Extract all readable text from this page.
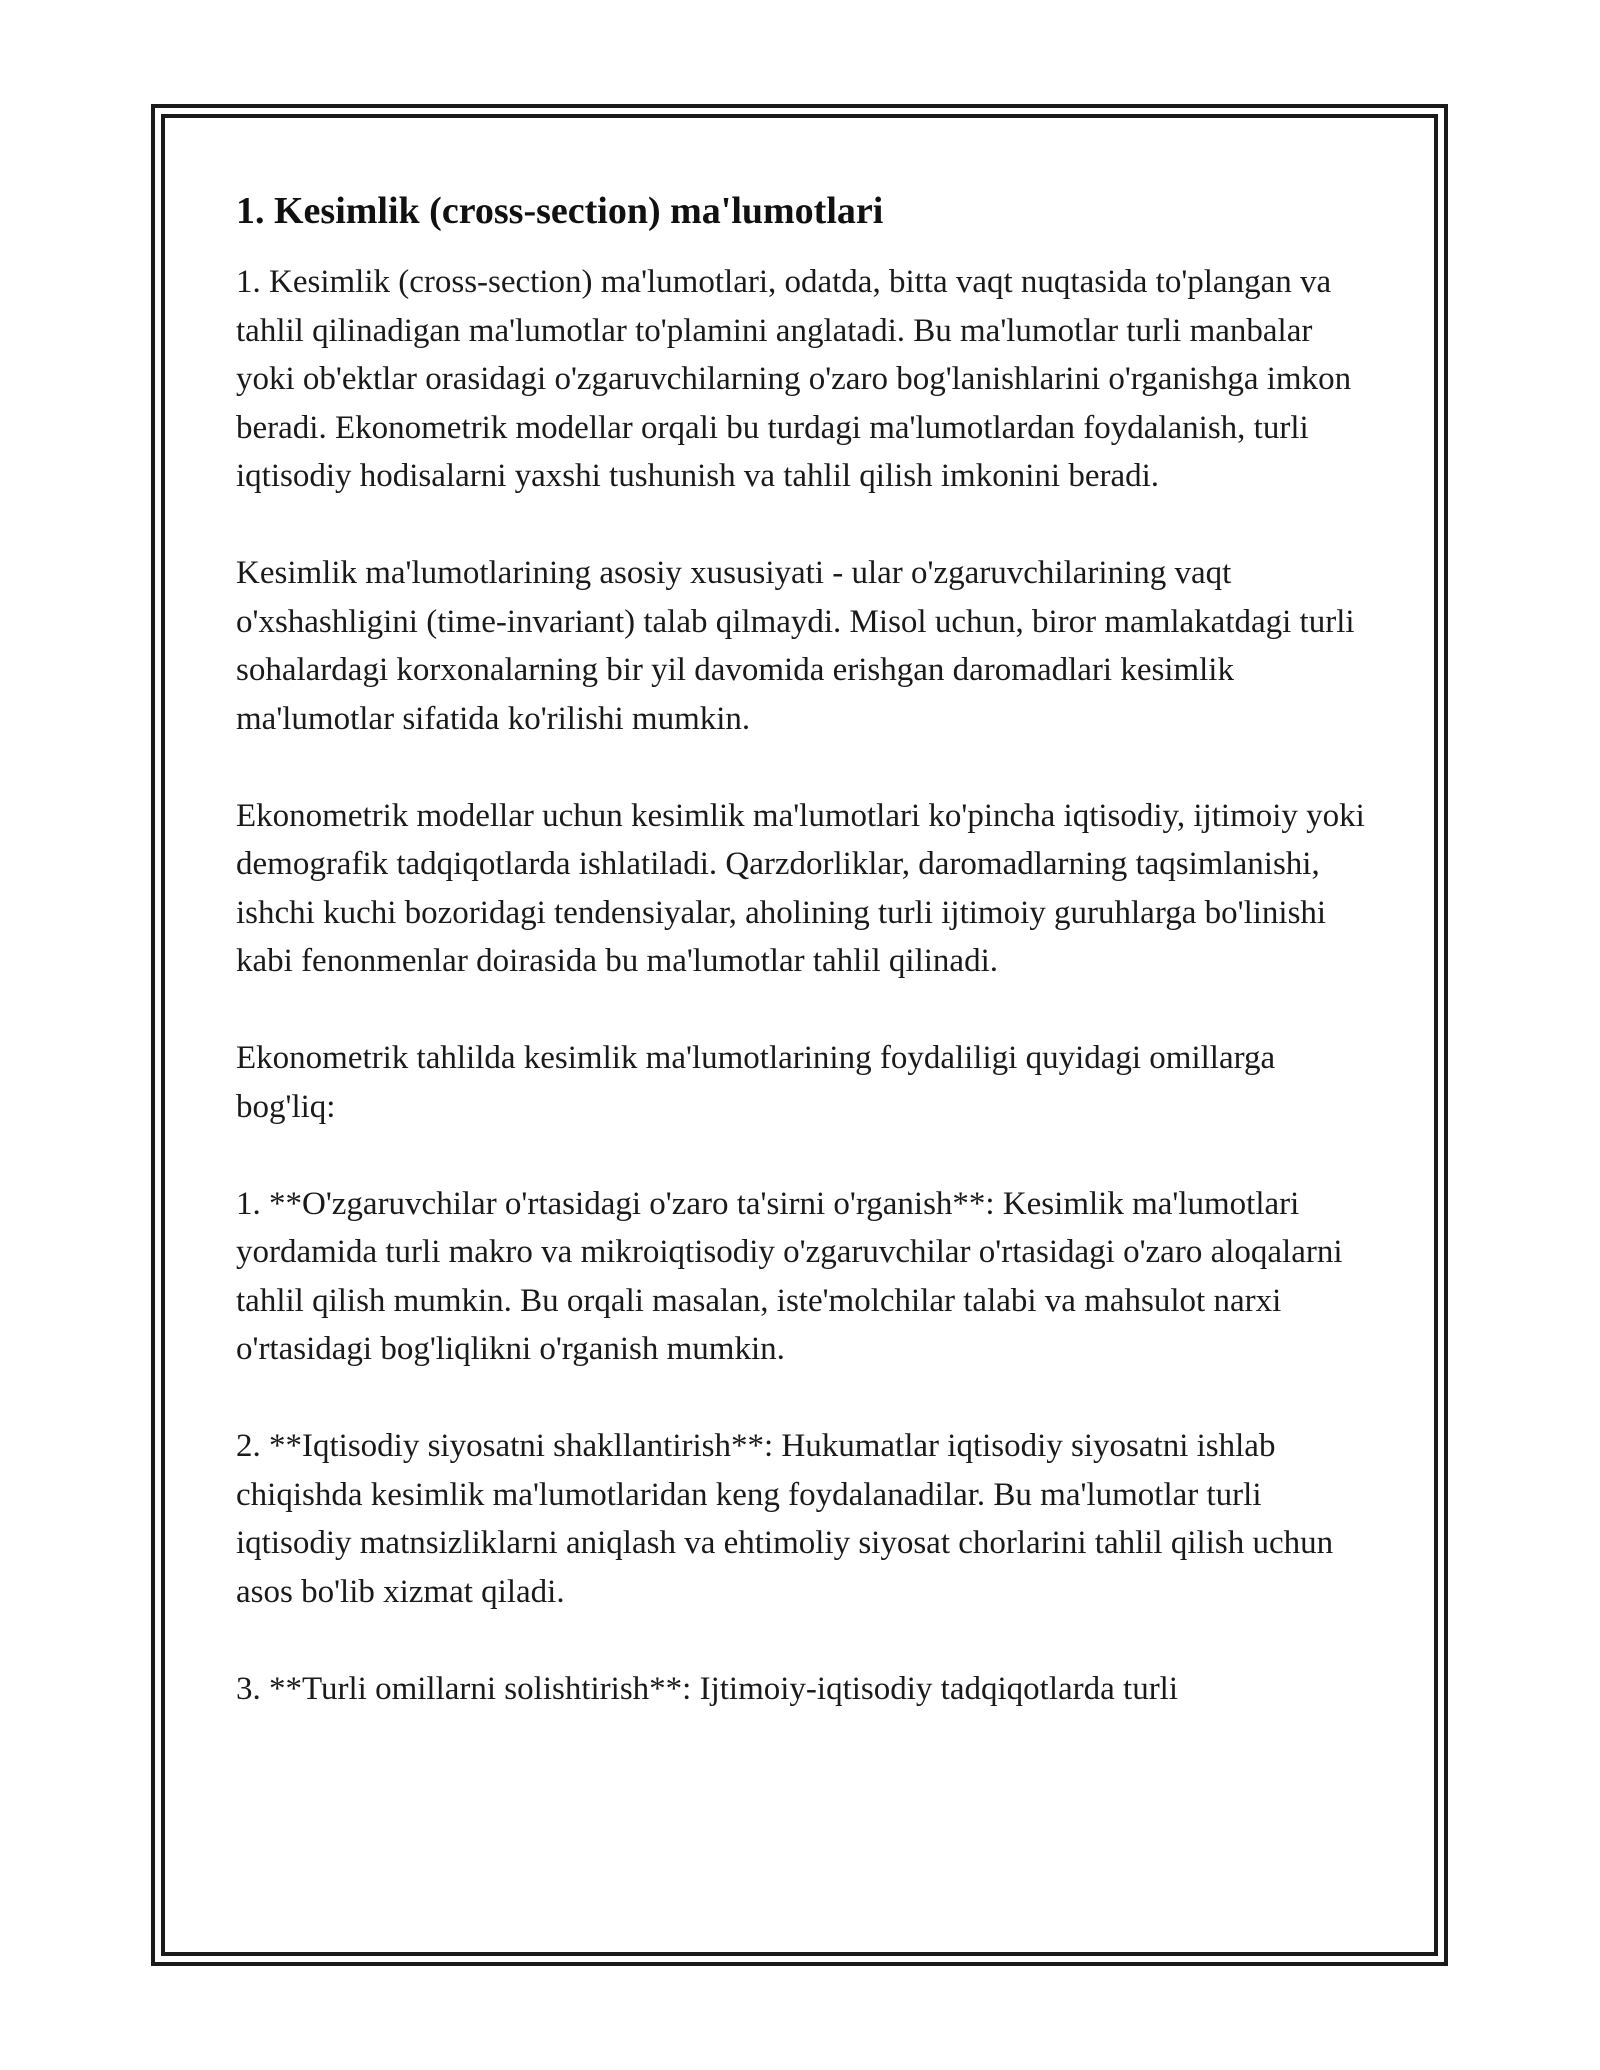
1. Kesimlik (cross-section) ma'lumotlari

1. Kesimlik (cross-section) ma'lumotlari, odatda, bitta vaqt nuqtasida to'plangan va tahlil qilinadigan ma'lumotlar to'plamini anglatadi. Bu ma'lumotlar turli manbalar yoki ob'ektlar orasidagi o'zgaruvchilarning o'zaro bog'lanishlarini o'rganishga imkon beradi. Ekonometrik modellar orqali bu turdagi ma'lumotlardan foydalanish, turli iqtisodiy hodisalarni yaxshi tushunish va tahlil qilish imkonini beradi.

Kesimlik ma'lumotlarining asosiy xususiyati - ular o'zgaruvchilarining vaqt o'xshashligini (time-invariant) talab qilmaydi. Misol uchun, biror mamlakatdagi turli sohalardagi korxonalarning bir yil davomida erishgan daromadlari kesimlik ma'lumotlar sifatida ko'rilishi mumkin.

Ekonometrik modellar uchun kesimlik ma'lumotlari ko'pincha iqtisodiy, ijtimoiy yoki demografik tadqiqotlarda ishlatiladi. Qarzdorliklar, daromadlarning taqsimlanishi, ishchi kuchi bozoridagi tendensiyalar, aholining turli ijtimoiy guruhlarga bo'linishi kabi fenonmenlar doirasida bu ma'lumotlar tahlil qilinadi.

Ekonometrik tahlilda kesimlik ma'lumotlarining foydaliligi quyidagi omillarga bog'liq:

1. **O'zgaruvchilar o'rtasidagi o'zaro ta'sirni o'rganish**: Kesimlik ma'lumotlari yordamida turli makro va mikroiqtisodiy o'zgaruvchilar o'rtasidagi o'zaro aloqalarni tahlil qilish mumkin. Bu orqali masalan, iste'molchilar talabi va mahsulot narxi o'rtasidagi bog'liqlikni o'rganish mumkin.

2. **Iqtisodiy siyosatni shakllantirish**: Hukumatlar iqtisodiy siyosatni ishlab chiqishda kesimlik ma'lumotlaridan keng foydalanadilar. Bu ma'lumotlar turli iqtisodiy matnsizliklarni aniqlash va ehtimoliy siyosat chorlarini tahlil qilish uchun asos bo'lib xizmat qiladi.

3. **Turli omillarni solishtirish**: Ijtimoiy-iqtisodiy tadqiqotlarda turli
